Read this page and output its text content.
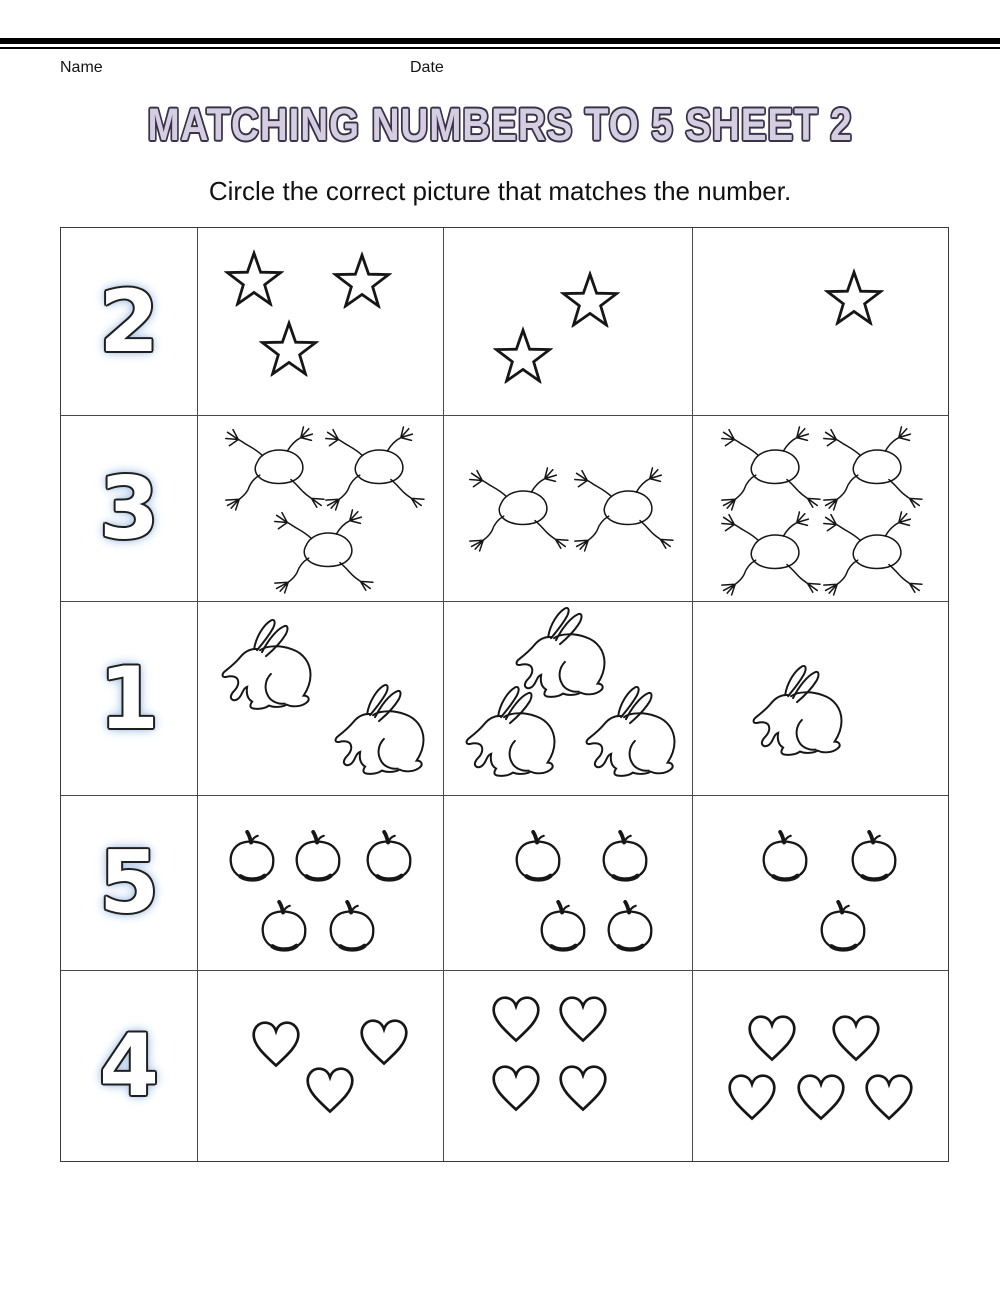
Name	Date
MATCHING NUMBERS TO 5 SHEET 2
Circle the correct picture that matches the number.
2
3
1
5
4
